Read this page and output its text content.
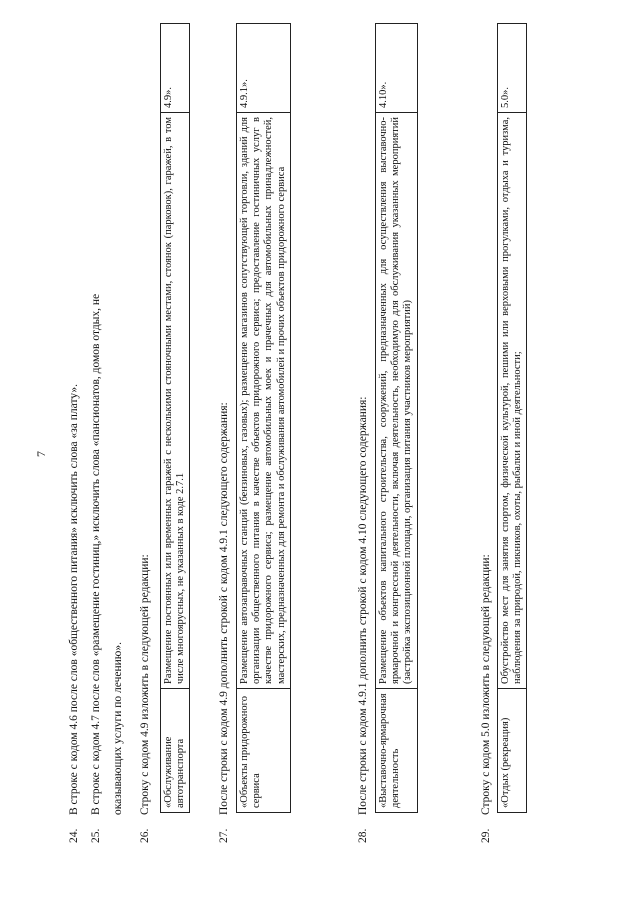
7
24.В строке с кодом 4.6 после слов «общественного питания» исключить слова «за плату».
25.В строке с кодом 4.7 после слов «размещение гостиниц,» исключить слова «пансионатов, домов отдых, не оказывающих услуги по лечению».
26.Строку с кодом 4.9 изложить в следующей редакции: «Обслуживание автотранспорта	Размещение постоянных или временных гаражей с несколькими стояночными местами, стоянок (парковок), гаражей, в том числе многоярусных, не указанных в коде 2.7.1	4.9».
27.После строки с кодом 4.9 дополнить строкой с кодом 4.9.1 следующего содержания: «Объекты придорожного сервиса	Размещение автозаправочных станций (бензиновых, газовых); размещение магазинов сопутствующей торговли, зданий для организации общественного питания в качестве объектов придорожного сервиса; предоставление гостиничных услуг в качестве придорожного сервиса; размещение автомобильных моек и прачечных для автомобильных принадлежностей, мастерских, предназначенных для ремонта и обслуживания автомобилей и прочих объектов придорожного сервиса	4.9.1».
28.После строки с кодом 4.9.1 дополнить строкой с кодом 4.10 следующего содержания: «Выставочно-ярмарочная деятельность	Размещение объектов капитального строительства, сооружений, предназначенных для осуществления выставочно-ярмарочной и конгрессной деятельности, включая деятельность, необходимую для обслуживания указанных мероприятий (застройка экспозиционной площади, организация питания участников мероприятий)	4.10».
29.Строку с кодом 5.0 изложить в следующей редакции: «Отдых (рекреация)	Обустройство мест для занятия спортом, физической культурой, пешими или верховыми прогулками, отдыха и туризма, наблюдения за природой, пикников, охоты, рыбалки и иной деятельности;	5.0».
